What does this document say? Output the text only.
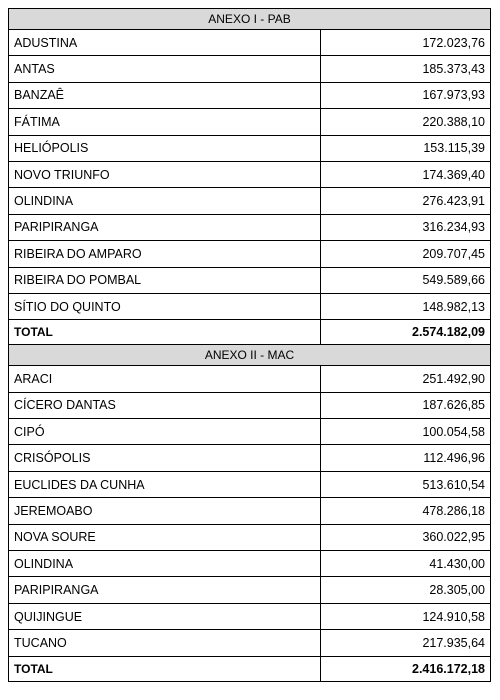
ANEXO I - PAB	
ADUSTINA	172.023,76
ANTAS	185.373,43
BANZAÊ	167.973,93
FÁTIMA	220.388,10
HELIÓPOLIS	153.115,39
NOVO TRIUNFO	174.369,40
OLINDINA	276.423,91
PARIPIRANGA	316.234,93
RIBEIRA DO AMPARO	209.707,45
RIBEIRA DO POMBAL	549.589,66
SÍTIO DO QUINTO	148.982,13
TOTAL	2.574.182,09
ANEXO II - MAC	
ARACI	251.492,90
CÍCERO DANTAS	187.626,85
CIPÓ	100.054,58
CRISÓPOLIS	112.496,96
EUCLIDES DA CUNHA	513.610,54
JEREMOABO	478.286,18
NOVA SOURE	360.022,95
OLINDINA	41.430,00
PARIPIRANGA	28.305,00
QUIJINGUE	124.910,58
TUCANO	217.935,64
TOTAL	2.416.172,18
